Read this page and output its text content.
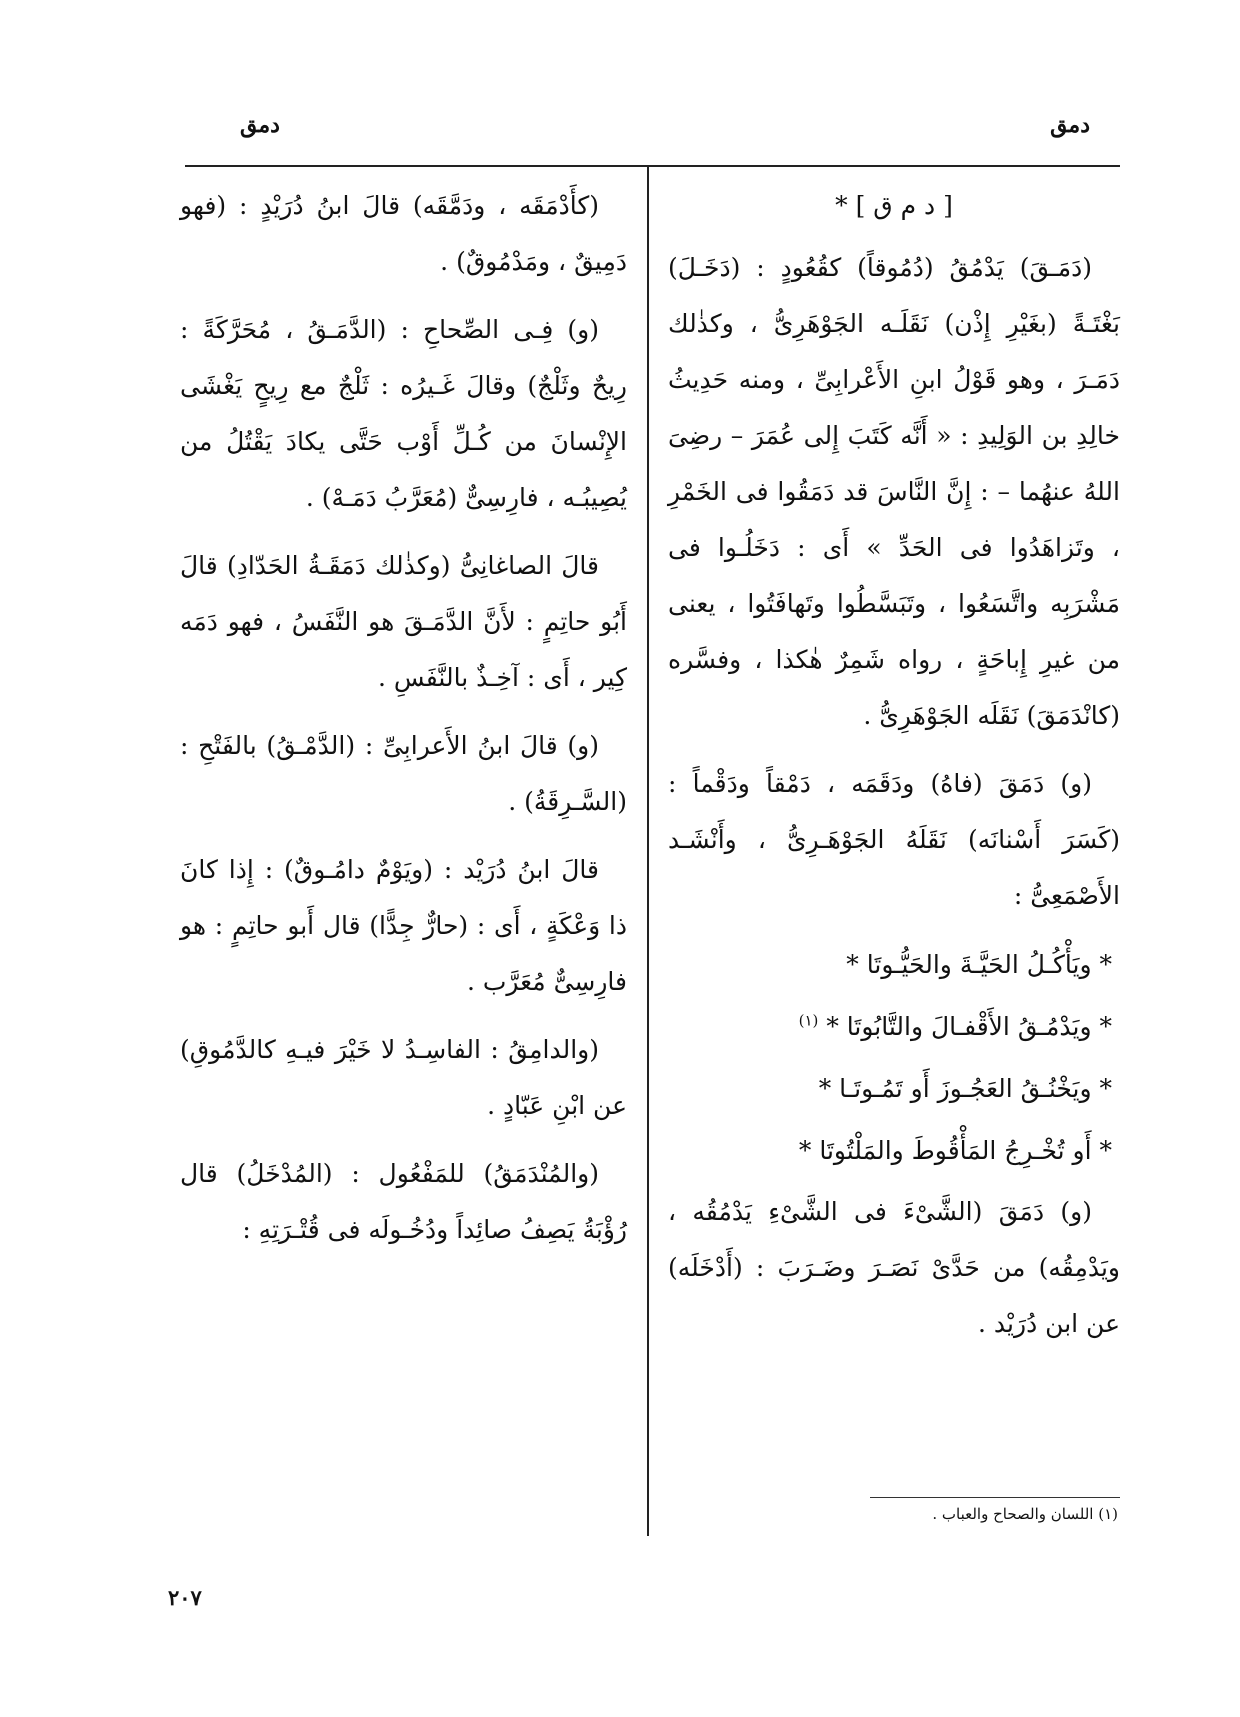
دمق
دمق

[ د م ق ] *

(دَمَـقَ) يَدْمُقُ (دُمُوقاً) كقُعُودٍ : (دَخَـلَ) بَغْتَـةً (بغَيْرِ إِذْن) نَقَلَـه الجَوْهَرِىُّ ، وكذٰلك دَمَـرَ ، وهو قَوْلُ ابنِ الأَعْرابِىِّ ، ومنه حَدِيثُ خالِدِ بن الوَلِيدِ : « أَنَّه كَتَبَ إِلى عُمَرَ – رضِىَ اللهُ عنهُما – : إِنَّ النَّاسَ قد دَمَقُوا فى الخَمْرِ ، وتَزاهَدُوا فى الحَدِّ » أَى : دَخَلُـوا فى مَشْرَبِه واتَّسَعُوا ، وتَبَسَّطُوا وتَهافَتُوا ، يعنى من غيرِ إِباحَةٍ ، رواه شَمِرٌ هٰكذا ، وفسَّره (كانْدَمَقَ) نَقَلَه الجَوْهَرِىُّ .

(و) دَمَقَ (فاهُ) ودَقَمَه ، دَمْقاً ودَقْماً : (كَسَرَ أَسْنانَه) نَقَلَهُ الجَوْهَـرِىُّ ، وأَنْشَـد الأَصْمَعِىُّ :

* ويَأْكُـلُ الحَيَّـةَ والحَيُّـوتَا *
* ويَدْمُـقُ الأَقْفـالَ والتَّابُوتَا * $^{(١)}$
* ويَخْنُـقُ العَجُـوزَ أَو تَمُـوتَـا *
* أَو تُخْـرِجُ المَأْقُوطَ والمَلْتُوتَا *

(و) دَمَقَ (الشَّىْءَ فى الشَّىْءِ يَدْمُقُه ، ويَدْمِقُه) من حَدَّىْ نَصَـرَ وضَـرَبَ : (أَدْخَلَه) عن ابن دُرَيْد .

(كأَدْمَقَه ، ودَمَّقَه) قالَ ابنُ دُرَيْدٍ : (فهو دَمِيقٌ ، ومَدْمُوقٌ) .

(و) فِـى الصِّحاحِ : (الدَّمَـقُ ، مُحَرَّكَةً : رِيحٌ وثَلْجٌ) وقالَ غَـيرُه : ثَلْجٌ مع رِيحٍ يَغْشَى الإِنْسانَ من كُـلِّ أَوْب حَتَّى يكادَ يَقْتُلُ من يُصِيبُـه ، فارِسِىٌّ (مُعَرَّبُ دَمَـهْ) .

قالَ الصاغانِىُّ (وكذٰلك دَمَقَـةُ الحَدّادِ) قالَ أَبُو حاتِمٍ : لأَنَّ الدَّمَـقَ هو النَّفَسُ ، فهو دَمَه كِير ، أَى : آخِـذٌ بالنَّفَسِ .

(و) قالَ ابنُ الأَعرابِىِّ : (الدَّمْـقُ) بالفَتْحِ : (السَّـرِقَةُ) .

قالَ ابنُ دُرَيْد : (ويَوْمٌ دامُـوقٌ) : إِذا كانَ ذا وَعْكَةٍ ، أَى : (حارٌّ جِدًّا) قال أَبو حاتِمٍ : هو فارِسِىٌّ مُعَرَّب .

(والدامِقُ : الفاسِـدُ لا خَيْرَ فيـهِ كالدَّمُوقِ) عن ابْنِ عَبّادٍ .

(والمُنْدَمَقُ) للمَفْعُول : (المُدْخَلُ) قال رُؤْبَةُ يَصِفُ صائِداً ودُخُـولَه فى قُتْـرَتِهِ :

(١) اللسان والصحاح والعباب .
٢٠٧
